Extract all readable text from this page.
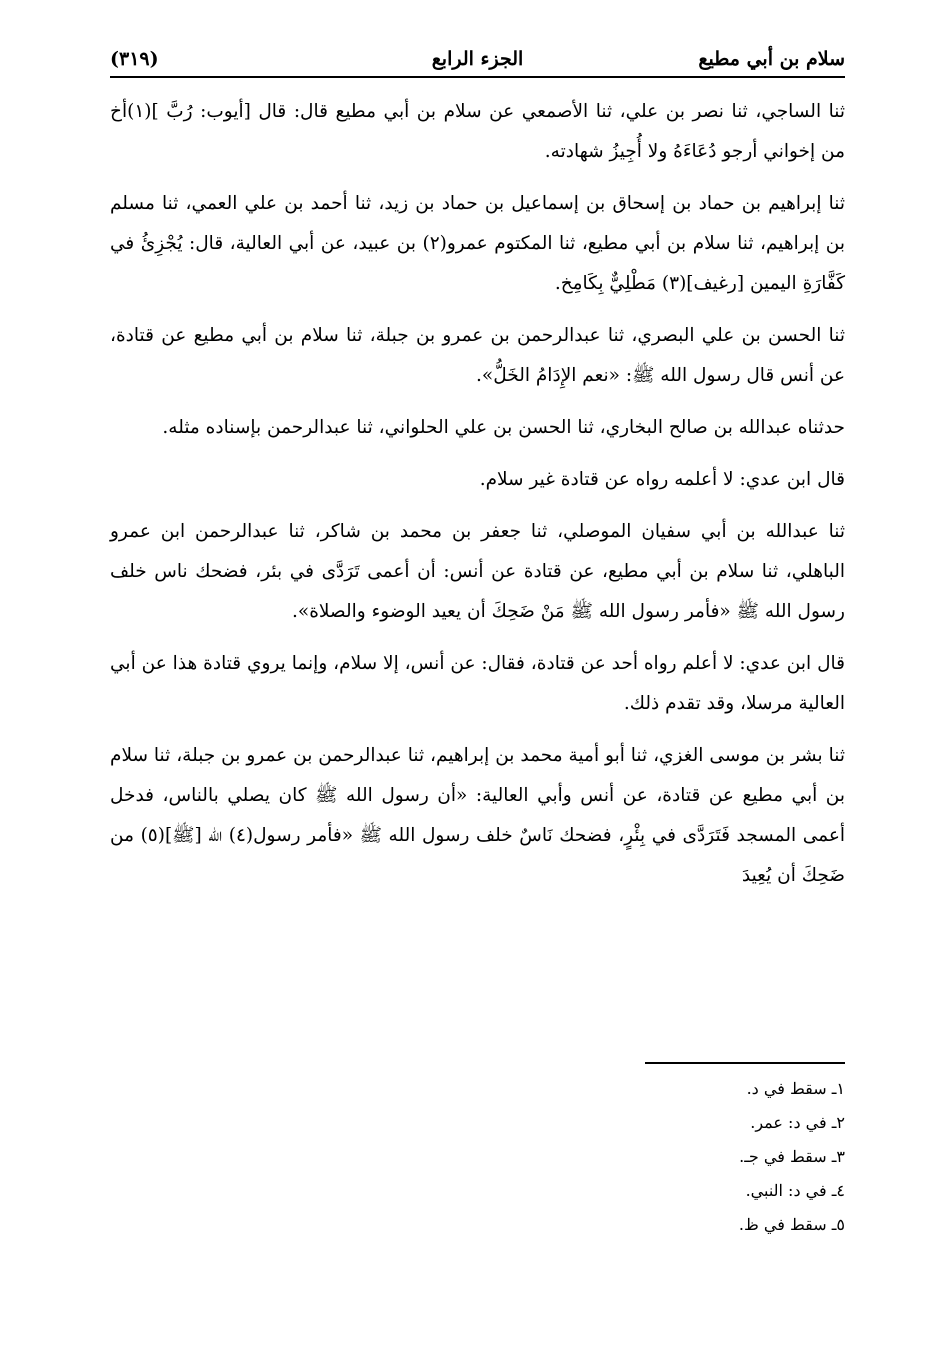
سلام بن أبي مطيع
الجزء الرابع
(٣١٩)

ثنا الساجي، ثنا نصر بن علي، ثنا الأصمعي عن سلام بن أبي مطيع قال: قال [أيوب: رُبَّ ](١)أخ من إخواني أرجو دُعَاءَهُ ولا أُجِيزُ شهادته.

ثنا إبراهيم بن حماد بن إسحاق بن إسماعيل بن حماد بن زيد، ثنا أحمد بن علي العمي، ثنا مسلم بن إبراهيم، ثنا سلام بن أبي مطيع، ثنا المكتوم عمرو(٢) بن عبيد، عن أبي العالية، قال: يُجْزِئُ في كَفَّارَةِ اليمين [رغيف](٣) مَطْلِيٌّ بِكَامِخ.

ثنا الحسن بن علي البصري، ثنا عبدالرحمن بن عمرو بن جبلة، ثنا سلام بن أبي مطيع عن قتادة، عن أنس قال رسول الله ﷺ: «نعم الإِدَامُ الخَلُّ».

حدثناه عبدالله بن صالح البخاري، ثنا الحسن بن علي الحلواني، ثنا عبدالرحمن بإسناده مثله.

قال ابن عدي: لا أعلمه رواه عن قتادة غير سلام.

ثنا عبدالله بن أبي سفيان الموصلي، ثنا جعفر بن محمد بن شاكر، ثنا عبدالرحمن ابن عمرو الباهلي، ثنا سلام بن أبي مطيع، عن قتادة عن أنس: أن أعمى تَرَدَّى في بئر، فضحك ناس خلف رسول الله ﷺ «فأمر رسول الله ﷺ مَنْ ضَحِكَ أن يعيد الوضوء والصلاة».

قال ابن عدي: لا أعلم رواه أحد عن قتادة، فقال: عن أنس، إلا سلام، وإنما يروي قتادة هذا عن أبي العالية مرسلا، وقد تقدم ذلك.

ثنا بشر بن موسى الغزي، ثنا أبو أمية محمد بن إبراهيم، ثنا عبدالرحمن بن عمرو بن جبلة، ثنا سلام بن أبي مطيع عن قتادة، عن أنس وأبي العالية: «أن رسول الله ﷺ كان يصلي بالناس، فدخل أعمى المسجد فَتَرَدَّى في بِئْرٍ، فضحك نَاسٌ خلف رسول الله ﷺ «فأمر رسول(٤) الله [ﷺ](٥) من ضَحِكَ أن يُعِيدَ

١ـ سقط في د.

٢ـ في د: عمر.

٣ـ سقط في جـ.

٤ـ في د: النبي.

٥ـ سقط في ظ.
